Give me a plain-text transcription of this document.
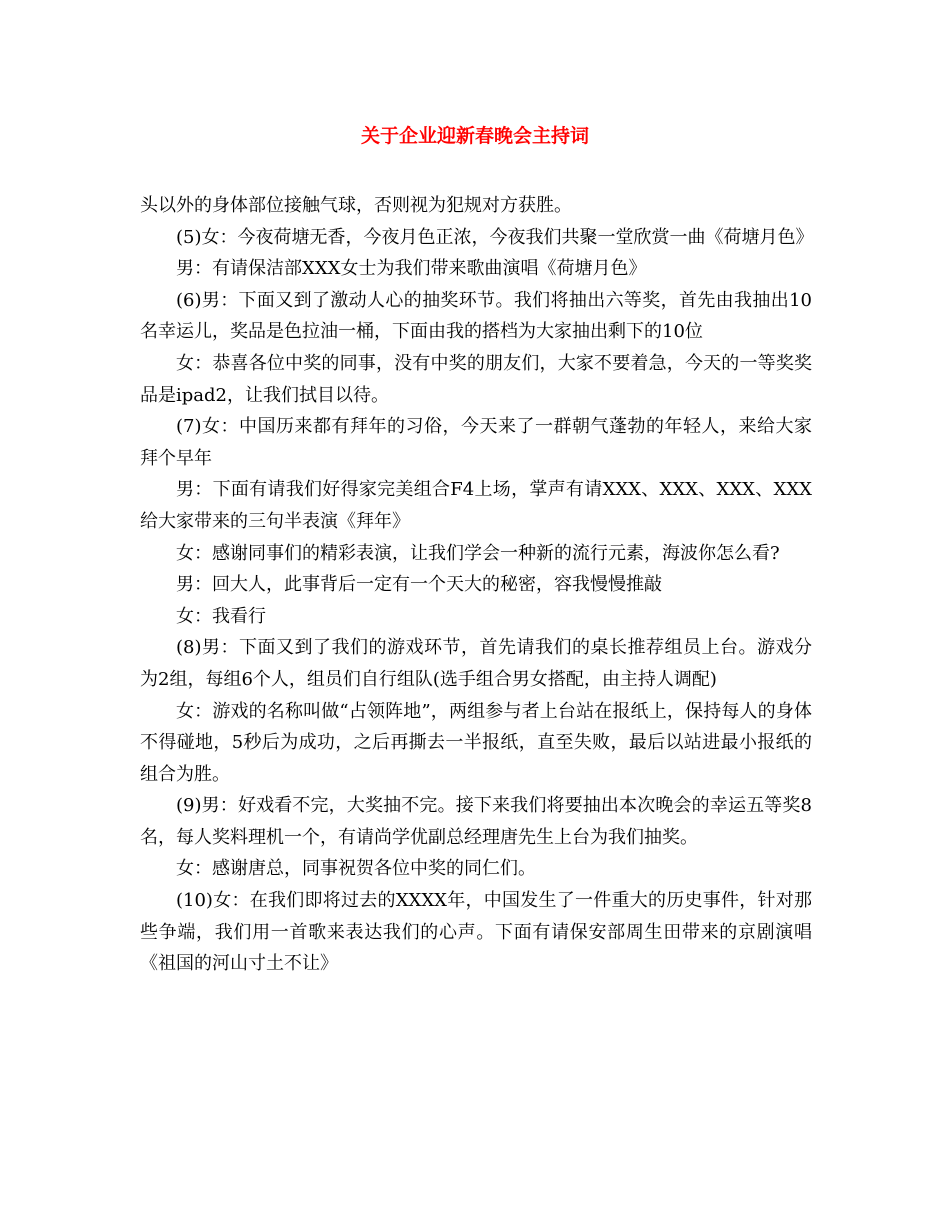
关于企业迎新春晚会主持词

头以外的身体部位接触气球，否则视为犯规对方获胜。

(5)女：今夜荷塘无香，今夜月色正浓，今夜我们共聚一堂欣赏一曲《荷塘月色》

男：有请保洁部XXX女士为我们带来歌曲演唱《荷塘月色》

(6)男：下面又到了激动人心的抽奖环节。我们将抽出六等奖，首先由我抽出10名幸运儿，奖品是色拉油一桶，下面由我的搭档为大家抽出剩下的10位

女：恭喜各位中奖的同事，没有中奖的朋友们，大家不要着急，今天的一等奖奖品是ipad2，让我们拭目以待。

(7)女：中国历来都有拜年的习俗，今天来了一群朝气蓬勃的年轻人，来给大家拜个早年

男：下面有请我们好得家完美组合F4上场，掌声有请XXX、XXX、XXX、XXX给大家带来的三句半表演《拜年》

女：感谢同事们的精彩表演，让我们学会一种新的流行元素，海波你怎么看?

男：回大人，此事背后一定有一个天大的秘密，容我慢慢推敲

女：我看行

(8)男：下面又到了我们的游戏环节，首先请我们的桌长推荐组员上台。游戏分为2组，每组6个人，组员们自行组队(选手组合男女搭配，由主持人调配)

女：游戏的名称叫做“占领阵地”，两组参与者上台站在报纸上，保持每人的身体不得碰地，5秒后为成功，之后再撕去一半报纸，直至失败，最后以站进最小报纸的组合为胜。

(9)男：好戏看不完，大奖抽不完。接下来我们将要抽出本次晚会的幸运五等奖8名，每人奖料理机一个，有请尚学优副总经理唐先生上台为我们抽奖。

女：感谢唐总，同事祝贺各位中奖的同仁们。

(10)女：在我们即将过去的XXXX年，中国发生了一件重大的历史事件，针对那些争端，我们用一首歌来表达我们的心声。下面有请保安部周生田带来的京剧演唱《祖国的河山寸土不让》
